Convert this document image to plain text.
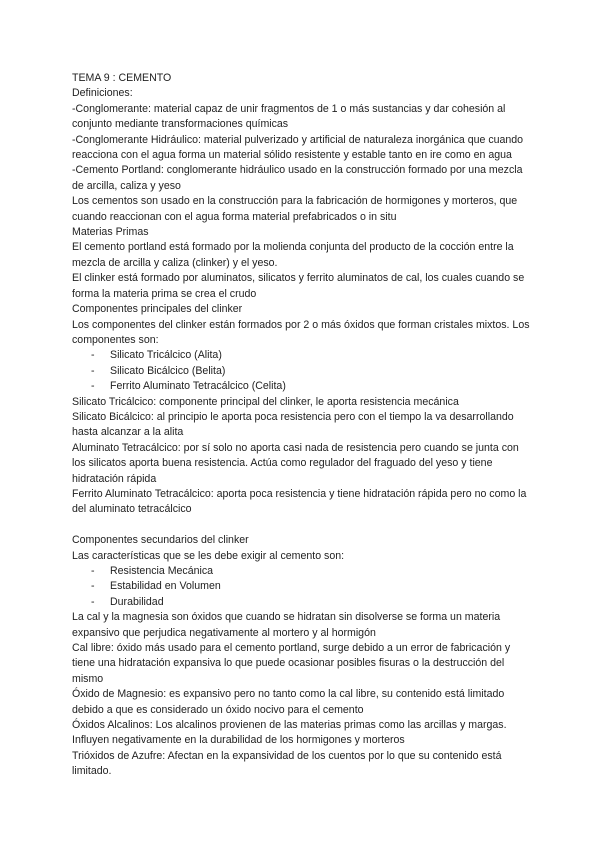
TEMA 9 : CEMENTO

Definiciones:

-Conglomerante: material capaz de unir fragmentos de 1 o más sustancias y dar cohesión al conjunto mediante transformaciones químicas

-Conglomerante Hidráulico: material pulverizado y artificial de naturaleza inorgánica que cuando reacciona con el agua forma un material sólido resistente y estable tanto en ire como en agua

-Cemento Portland: conglomerante hidráulico usado en la construcción formado por una mezcla de arcilla, caliza y yeso

Los cementos son usado en la construcción para la fabricación de hormigones y morteros, que cuando reaccionan con el agua forma material prefabricados o in situ

Materias Primas

El cemento portland está formado por la molienda conjunta del producto de la cocción entre la mezcla de arcilla y caliza (clinker) y el yeso.

El clinker está formado por aluminatos, silicatos y ferrito aluminatos de cal, los cuales cuando se forma la materia prima se crea el crudo

Componentes principales del clinker

Los componentes del clinker están formados por 2 o más óxidos que forman cristales mixtos. Los componentes son:

- Silicato Tricálcico (Alita)
- Silicato Bicálcico (Belita)
- Ferrito Aluminato Tetracálcico (Celita)

Silicato Tricálcico: componente principal del clinker, le aporta resistencia mecánica

Silicato Bicálcico: al principio le aporta poca resistencia pero con el tiempo la va desarrollando hasta alcanzar a la alita

Aluminato Tetracálcico: por sí solo no aporta casi nada de resistencia pero cuando se junta con los silicatos aporta buena resistencia. Actúa como regulador del fraguado del yeso y tiene hidratación rápida

Ferrito Aluminato Tetracálcico: aporta poca resistencia y tiene hidratación rápida pero no como la del aluminato tetracálcico

Componentes secundarios del clinker

Las características que se les debe exigir al cemento son:

- Resistencia Mecánica
- Estabilidad en Volumen
- Durabilidad

La cal y la magnesia son óxidos que cuando se hidratan sin disolverse se forma un materia expansivo que perjudica negativamente al mortero y al hormigón

Cal libre: óxido más usado para el cemento portland, surge debido a un error de fabricación y tiene una hidratación expansiva lo que puede ocasionar posibles fisuras o la destrucción del mismo

Óxido de Magnesio: es expansivo pero no tanto como la cal libre, su contenido está limitado debido a que es considerado un óxido nocivo para el cemento

Óxidos Alcalinos: Los alcalinos provienen de las materias primas como las arcillas y margas. Influyen negativamente en la durabilidad de los hormigones y morteros

Trióxidos de Azufre: Afectan en la expansividad de los cuentos por lo que su contenido está limitado.
